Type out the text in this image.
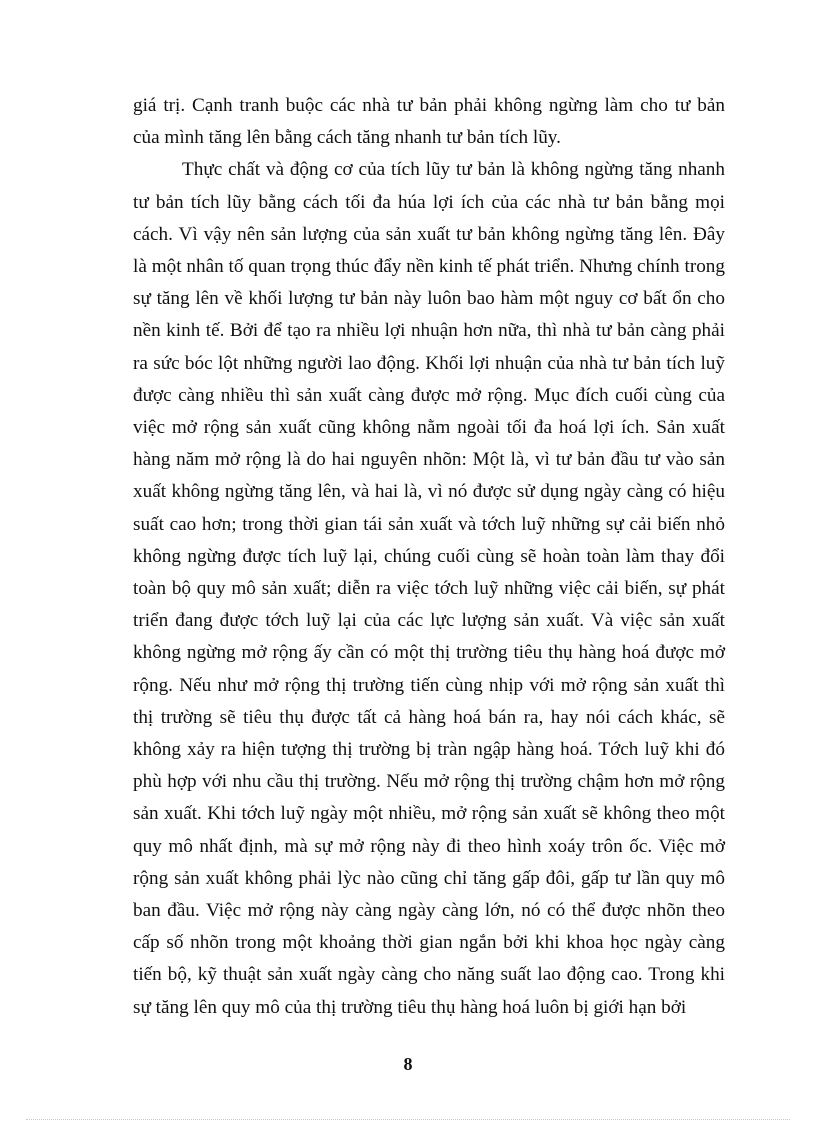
giá trị. Cạnh tranh buộc các nhà tư bản phải không ngừng làm cho tư bản của mình tăng lên bằng cách tăng nhanh tư bản tích lũy.

Thực chất và động cơ của tích lũy tư bản là không ngừng tăng nhanh tư bản tích lũy bằng cách tối đa húa lợi ích của các nhà tư bản bằng mọi cách. Vì vậy nên sản lượng của sản xuất tư bản không ngừng tăng lên. Đây là một nhân tố quan trọng thúc đẩy nền kinh tế phát triển. Nhưng chính trong sự tăng lên về khối lượng tư bản này luôn bao hàm một nguy cơ bất ổn cho nền kinh tế. Bởi để tạo ra nhiều lợi nhuận hơn nữa, thì nhà tư bản càng phải ra sức bóc lột những người lao động. Khối lợi nhuận của nhà tư bản tích luỹ được càng nhiều thì sản xuất càng được mở rộng. Mục đích cuối cùng của việc mở rộng sản xuất cũng không nằm ngoài tối đa hoá lợi ích. Sản xuất hàng năm mở rộng là do hai nguyên nhõn: Một là, vì tư bản đầu tư vào sản xuất không ngừng tăng lên, và hai là, vì nó được sử dụng ngày càng có hiệu suất cao hơn; trong thời gian tái sản xuất và tớch luỹ những sự cải biến nhỏ không ngừng được tích luỹ lại, chúng cuối cùng sẽ hoàn toàn làm thay đổi toàn bộ quy mô sản xuất; diễn ra việc tớch luỹ những việc cải biến, sự phát triển đang được tớch luỹ lại của các lực lượng sản xuất. Và việc sản xuất không ngừng mở rộng ấy cần có một thị trường tiêu thụ hàng hoá được mở rộng. Nếu như mở rộng thị trường tiến cùng nhịp với mở rộng sản xuất thì thị trường sẽ tiêu thụ được tất cả hàng hoá bán ra, hay nói cách khác, sẽ không xảy ra hiện tượng thị trường bị tràn ngập hàng hoá. Tớch luỹ khi đó phù hợp với nhu cầu thị trường. Nếu mở rộng thị trường chậm hơn mở rộng sản xuất. Khi tớch luỹ ngày một nhiều, mở rộng sản xuất sẽ không theo một quy mô nhất định, mà sự mở rộng này đi theo hình xoáy trôn ốc. Việc mở rộng sản xuất không phải lỳc nào cũng chỉ tăng gấp đôi, gấp tư lần quy mô ban đầu. Việc mở rộng này càng ngày càng lớn, nó có thể được nhõn theo cấp số nhõn trong một khoảng thời gian ngắn bởi khi khoa học ngày càng tiến bộ, kỹ thuật sản xuất ngày càng cho năng suất lao động cao. Trong khi sự tăng lên quy mô của thị trường tiêu thụ hàng hoá luôn bị giới hạn bởi

8
